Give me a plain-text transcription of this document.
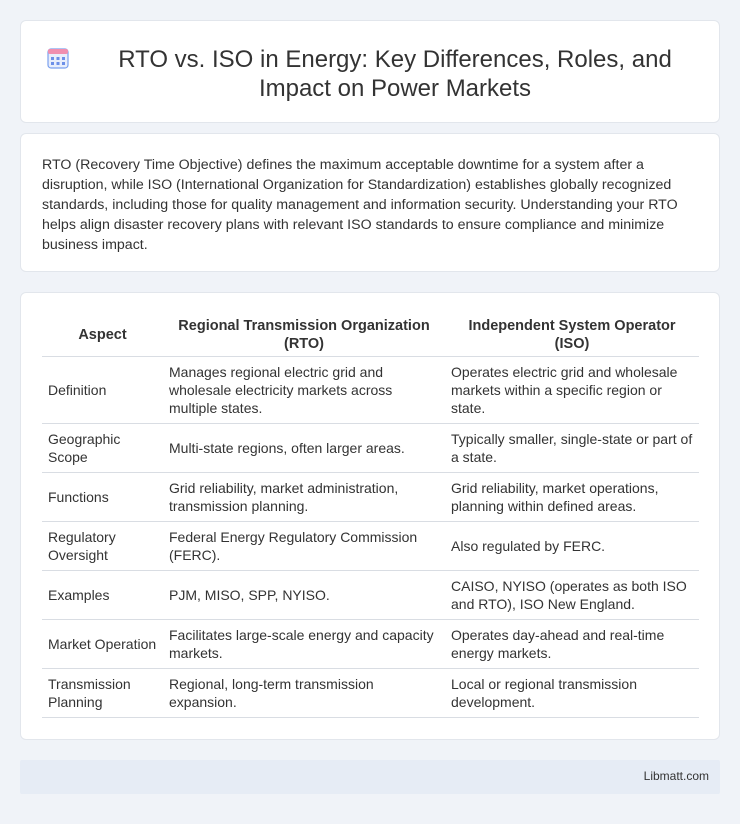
RTO vs. ISO in Energy: Key Differences, Roles, and Impact on Power Markets

RTO (Recovery Time Objective) defines the maximum acceptable downtime for a system after a disruption, while ISO (International Organization for Standardization) establishes globally recognized standards, including those for quality management and information security. Understanding your RTO helps align disaster recovery plans with relevant ISO standards to ensure compliance and minimize business impact.

Aspect	Regional Transmission Organization (RTO)	Independent System Operator (ISO)
Definition	Manages regional electric grid and wholesale electricity markets across multiple states.	Operates electric grid and wholesale markets within a specific region or state.
Geographic Scope	Multi-state regions, often larger areas.	Typically smaller, single-state or part of a state.
Functions	Grid reliability, market administration, transmission planning.	Grid reliability, market operations, planning within defined areas.
Regulatory Oversight	Federal Energy Regulatory Commission (FERC).	Also regulated by FERC.
Examples	PJM, MISO, SPP, NYISO.	CAISO, NYISO (operates as both ISO and RTO), ISO New England.
Market Operation	Facilitates large-scale energy and capacity markets.	Operates day-ahead and real-time energy markets.
Transmission Planning	Regional, long-term transmission expansion.	Local or regional transmission development.
Libmatt.com
